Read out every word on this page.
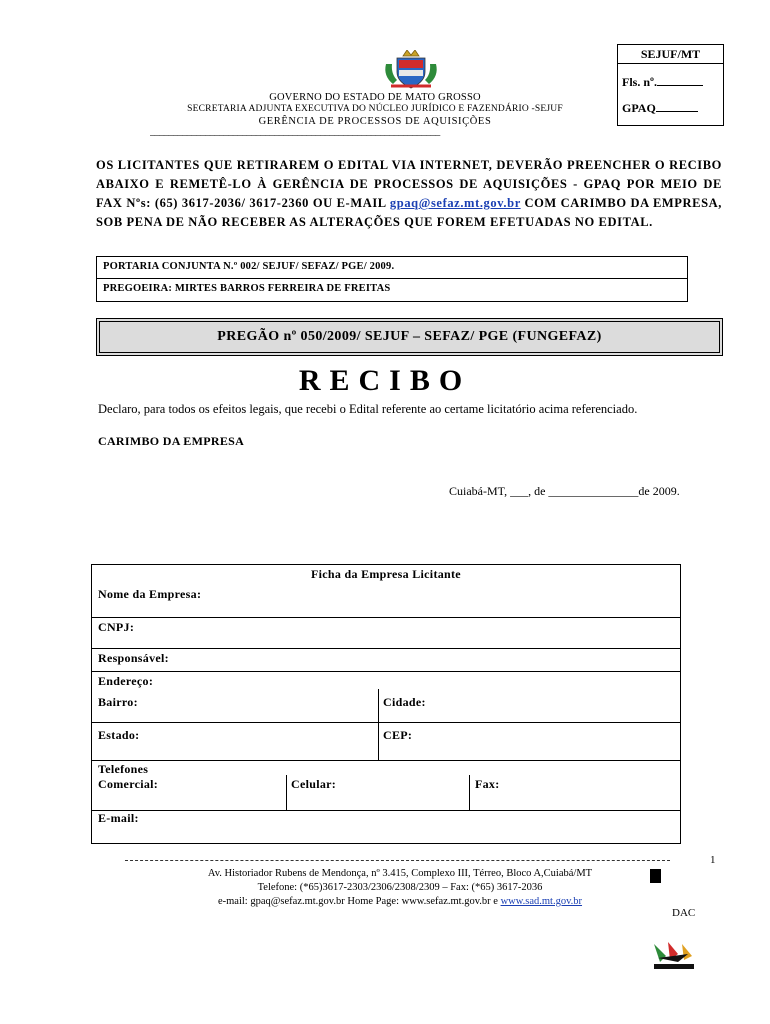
SEJUF/MT
Fls. nº.
GPAQ
GOVERNO DO ESTADO DE MATO GROSSO
SECRETARIA ADJUNTA EXECUTIVA DO NÚCLEO JURÍDICO E FAZENDÁRIO -SEJUF
GERÊNCIA DE PROCESSOS DE AQUISIÇÕES
_______________________________________________________________
OS LICITANTES QUE RETIRAREM O EDITAL VIA INTERNET, DEVERÃO PREENCHER O RECIBO ABAIXO E REMETÊ-LO À GERÊNCIA DE PROCESSOS DE AQUISIÇÕES - GPAQ POR MEIO DE FAX Nºs: (65) 3617-2036/ 3617-2360 OU E-MAIL gpaq@sefaz.mt.gov.br COM CARIMBO DA EMPRESA, SOB PENA DE NÃO RECEBER AS ALTERAÇÕES QUE FOREM EFETUADAS NO EDITAL.
PORTARIA CONJUNTA N.º 002/ SEJUF/ SEFAZ/ PGE/ 2009.
PREGOEIRA: MIRTES BARROS FERREIRA DE FREITAS
PREGÃO nº 050/2009/ SEJUF – SEFAZ/ PGE (FUNGEFAZ)
RECIBO
Declaro, para todos os efeitos legais, que recebi o Edital referente ao certame licitatório acima referenciado.
CARIMBO DA EMPRESA
Cuiabá-MT, ___, de _______________de 2009.
Ficha da Empresa Licitante
Nome da Empresa:
CNPJ:
Responsável:
Endereço:
Bairro:	Cidade:
Estado:	CEP:
Telefones
Comercial:	Celular:	Fax:
E-mail:
1
Av. Historiador Rubens de Mendonça, nº 3.415, Complexo III, Térreo, Bloco A,Cuiabá/MT
Telefone: (*65)3617-2303/2306/2308/2309 – Fax: (*65) 3617-2036
e-mail: gpaq@sefaz.mt.gov.br Home Page: www.sefaz.mt.gov.br e www.sad.mt.gov.br
DAC
